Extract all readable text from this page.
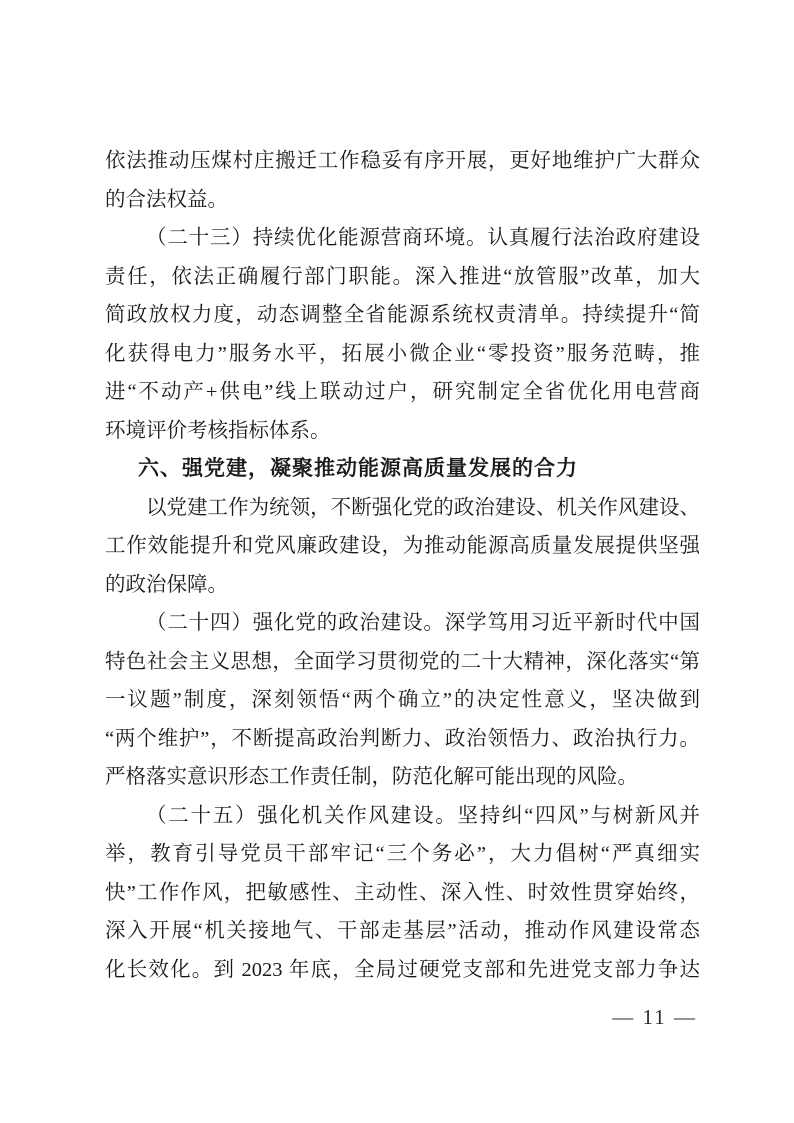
依法推动压煤村庄搬迁工作稳妥有序开展，更好地维护广大群众
的合法权益。
（二十三）持续优化能源营商环境。认真履行法治政府建设
责任，依法正确履行部门职能。深入推进“放管服”改革，加大
简政放权力度，动态调整全省能源系统权责清单。持续提升“简
化获得电力”服务水平，拓展小微企业“零投资”服务范畴，推
进“不动产+供电”线上联动过户，研究制定全省优化用电营商
环境评价考核指标体系。
六、强党建，凝聚推动能源高质量发展的合力
以党建工作为统领，不断强化党的政治建设、机关作风建设、
工作效能提升和党风廉政建设，为推动能源高质量发展提供坚强
的政治保障。
（二十四）强化党的政治建设。深学笃用习近平新时代中国
特色社会主义思想，全面学习贯彻党的二十大精神，深化落实“第
一议题”制度，深刻领悟“两个确立”的决定性意义，坚决做到
“两个维护”，不断提高政治判断力、政治领悟力、政治执行力。
严格落实意识形态工作责任制，防范化解可能出现的风险。
（二十五）强化机关作风建设。坚持纠“四风”与树新风并
举，教育引导党员干部牢记“三个务必”，大力倡树“严真细实
快”工作作风，把敏感性、主动性、深入性、时效性贯穿始终，
深入开展“机关接地气、干部走基层”活动，推动作风建设常态
化长效化。到 2023 年底，全局过硬党支部和先进党支部力争达
— 11 —
